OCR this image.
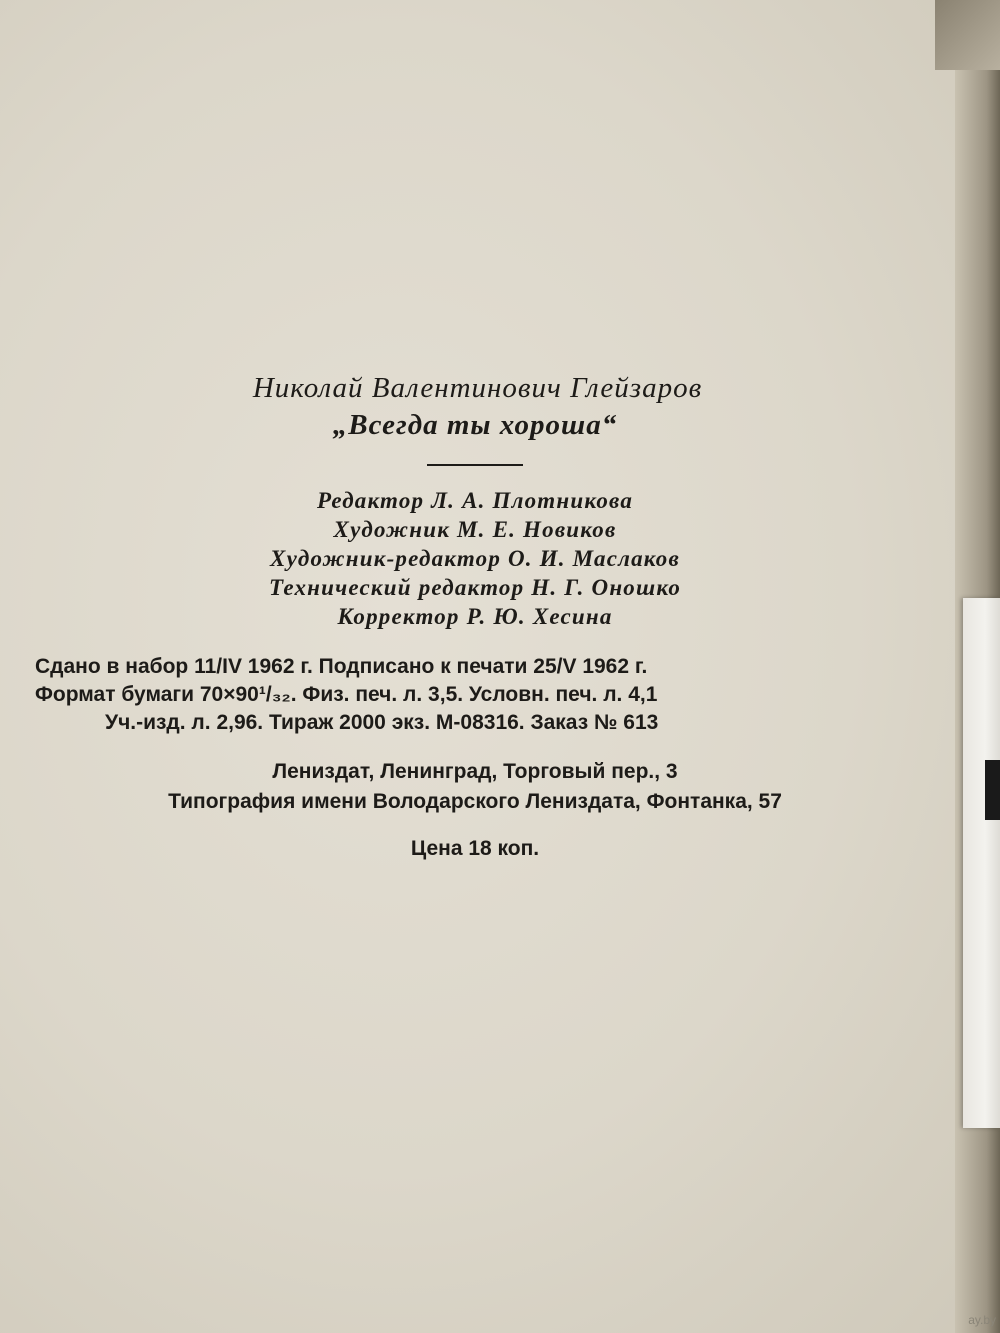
Николай Валентинович Глейзаров
„Всегда ты хороша“
Редактор Л. А. Плотникова
Художник М. Е. Новиков
Художник-редактор О. И. Маслаков
Технический редактор Н. Г. Оношко
Корректор Р. Ю. Хесина
Сдано в набор 11/IV 1962 г. Подписано к печати 25/V 1962 г.
Формат бумаги 70×90¹/₃₂. Физ. печ. л. 3,5. Условн. печ. л. 4,1
Уч.-изд. л. 2,96. Тираж 2000 экз. М-08316. Заказ № 613
Лениздат, Ленинград, Торговый пер., 3
Типография имени Володарского Лениздата, Фонтанка, 57
Цена 18 коп.
ay.by
